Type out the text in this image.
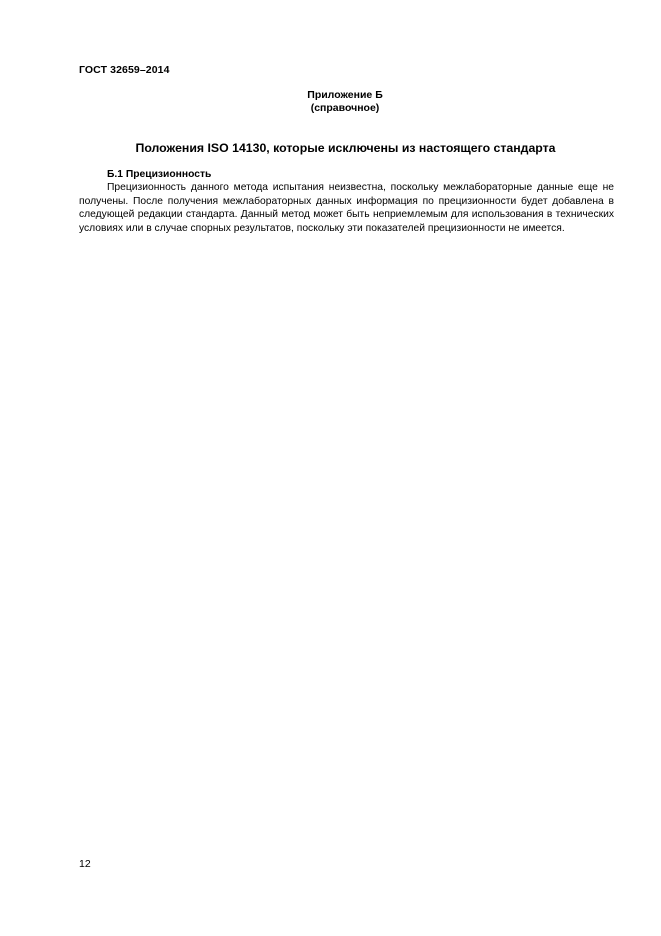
ГОСТ 32659–2014
Приложение Б
(справочное)
Положения ISO 14130, которые исключены из настоящего стандарта
Б.1 Прецизионность

Прецизионность данного метода испытания неизвестна, поскольку межлабораторные данные еще не получены. После получения межлабораторных данных информация по прецизионности будет добавлена в следующей редакции стандарта. Данный метод может быть неприемлемым для использования в технических условиях или в случае спорных результатов, поскольку эти показателей прецизионности не имеется.

12
